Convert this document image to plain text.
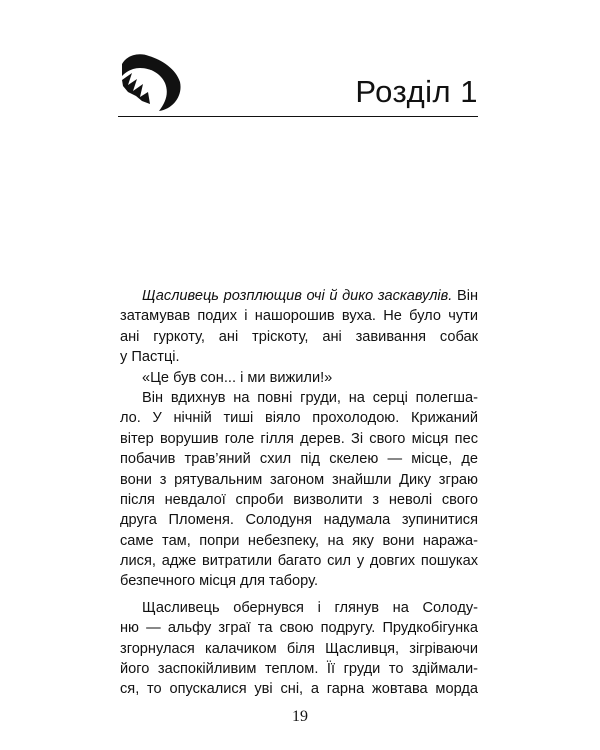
Розділ 1
Щасливець розплющив очі й дико заскавулів. Він
затамував подих і нашорошив вуха. Не було чути
ані гуркоту, ані тріскоту, ані завивання собак
у Пастці.
«Це був сон... і ми вижили!»
Він вдихнув на повні груди, на серці полегша-
ло. У нічній тиші віяло прохолодою. Крижаний
вітер ворушив голе гілля дерев. Зі свого місця пес
побачив трав’яний схил під скелею — місце, де
вони з рятувальним загоном знайшли Дику зграю
після невдалої спроби визволити з неволі свого
друга Пломеня. Солодуня надумала зупинитися
саме там, попри небезпеку, на яку вони наража-
лися, адже витратили багато сил у довгих пошуках
безпечного місця для табору.
Щасливець обернувся і глянув на Солоду-
ню — альфу зграї та свою подругу. Прудкобігунка
згорнулася калачиком біля Щасливця, зігріваючи
його заспокійливим теплом. Її груди то здіймали-
ся, то опускалися уві сні, а гарна жовтава морда
19
